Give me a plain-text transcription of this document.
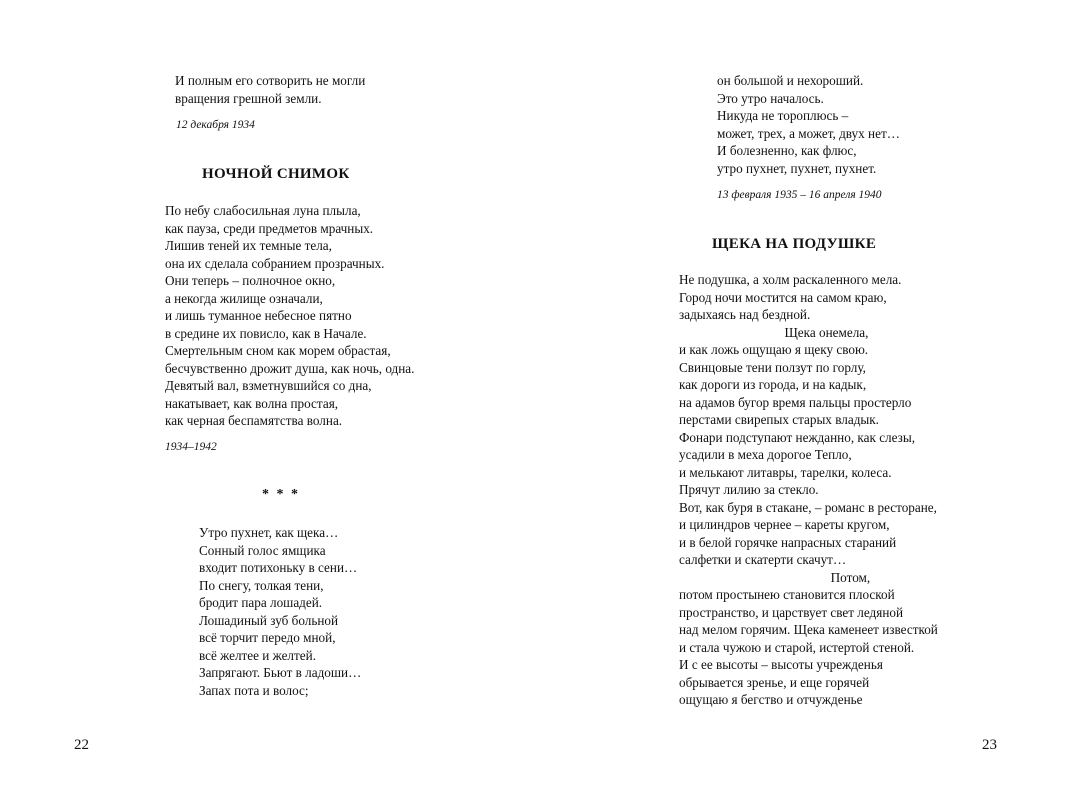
И полным его сотворить не могли
вращения грешной земли.
12 декабря 1934
НОЧНОЙ СНИМОК
По небу слабосильная луна плыла,
как пауза, среди предметов мрачных.
Лишив теней их темные тела,
она их сделала собранием прозрачных.
Они теперь – полночное окно,
а некогда жилище означали,
и лишь туманное небесное пятно
в средине их повисло, как в Начале.
Смертельным сном как морем обрастая,
бесчувственно дрожит душа, как ночь, одна.
Девятый вал, взметнувшийся со дна,
накатывает, как волна простая,
как черная беспамятства волна.
1934–1942
* * *
Утро пухнет, как щека…
Сонный голос ямщика
входит потихоньку в сени…
По снегу, толкая тени,
бродит пара лошадей.
Лошадиный зуб больной
всё торчит передо мной,
всё желтее и желтей.
Запрягают. Бьют в ладоши…
Запах пота и волос;
22
он большой и нехороший.
Это утро началось.
Никуда не тороплюсь –
может, трех, а может, двух нет…
И болезненно, как флюс,
утро пухнет, пухнет, пухнет.
13 февраля 1935 – 16 апреля 1940
ЩЕКА НА ПОДУШКЕ
Не подушка, а холм раскаленного мела.
Город ночи мостится на самом краю,
задыхаясь над бездной.
Щека онемела,
и как ложь ощущаю я щеку свою.
Свинцовые тени ползут по горлу,
как дороги из города, и на кадык,
на адамов бугор время пальцы простерло
перстами свирепых старых владык.
Фонари подступают нежданно, как слезы,
усадили в меха дорогое Тепло,
и мелькают литавры, тарелки, колеса.
Прячут лилию за стекло.
Вот, как буря в стакане, – романс в ресторане,
и цилиндров чернее – кареты кругом,
и в белой горячке напрасных стараний
салфетки и скатерти скачут…
Потом,
потом простынею становится плоской
пространство, и царствует свет ледяной
над мелом горячим. Щека каменеет известкой
и стала чужою и старой, истертой стеной.
И с ее высоты – высоты учрежденья
обрывается зренье, и еще горячей
ощущаю я бегство и отчужденье
23
